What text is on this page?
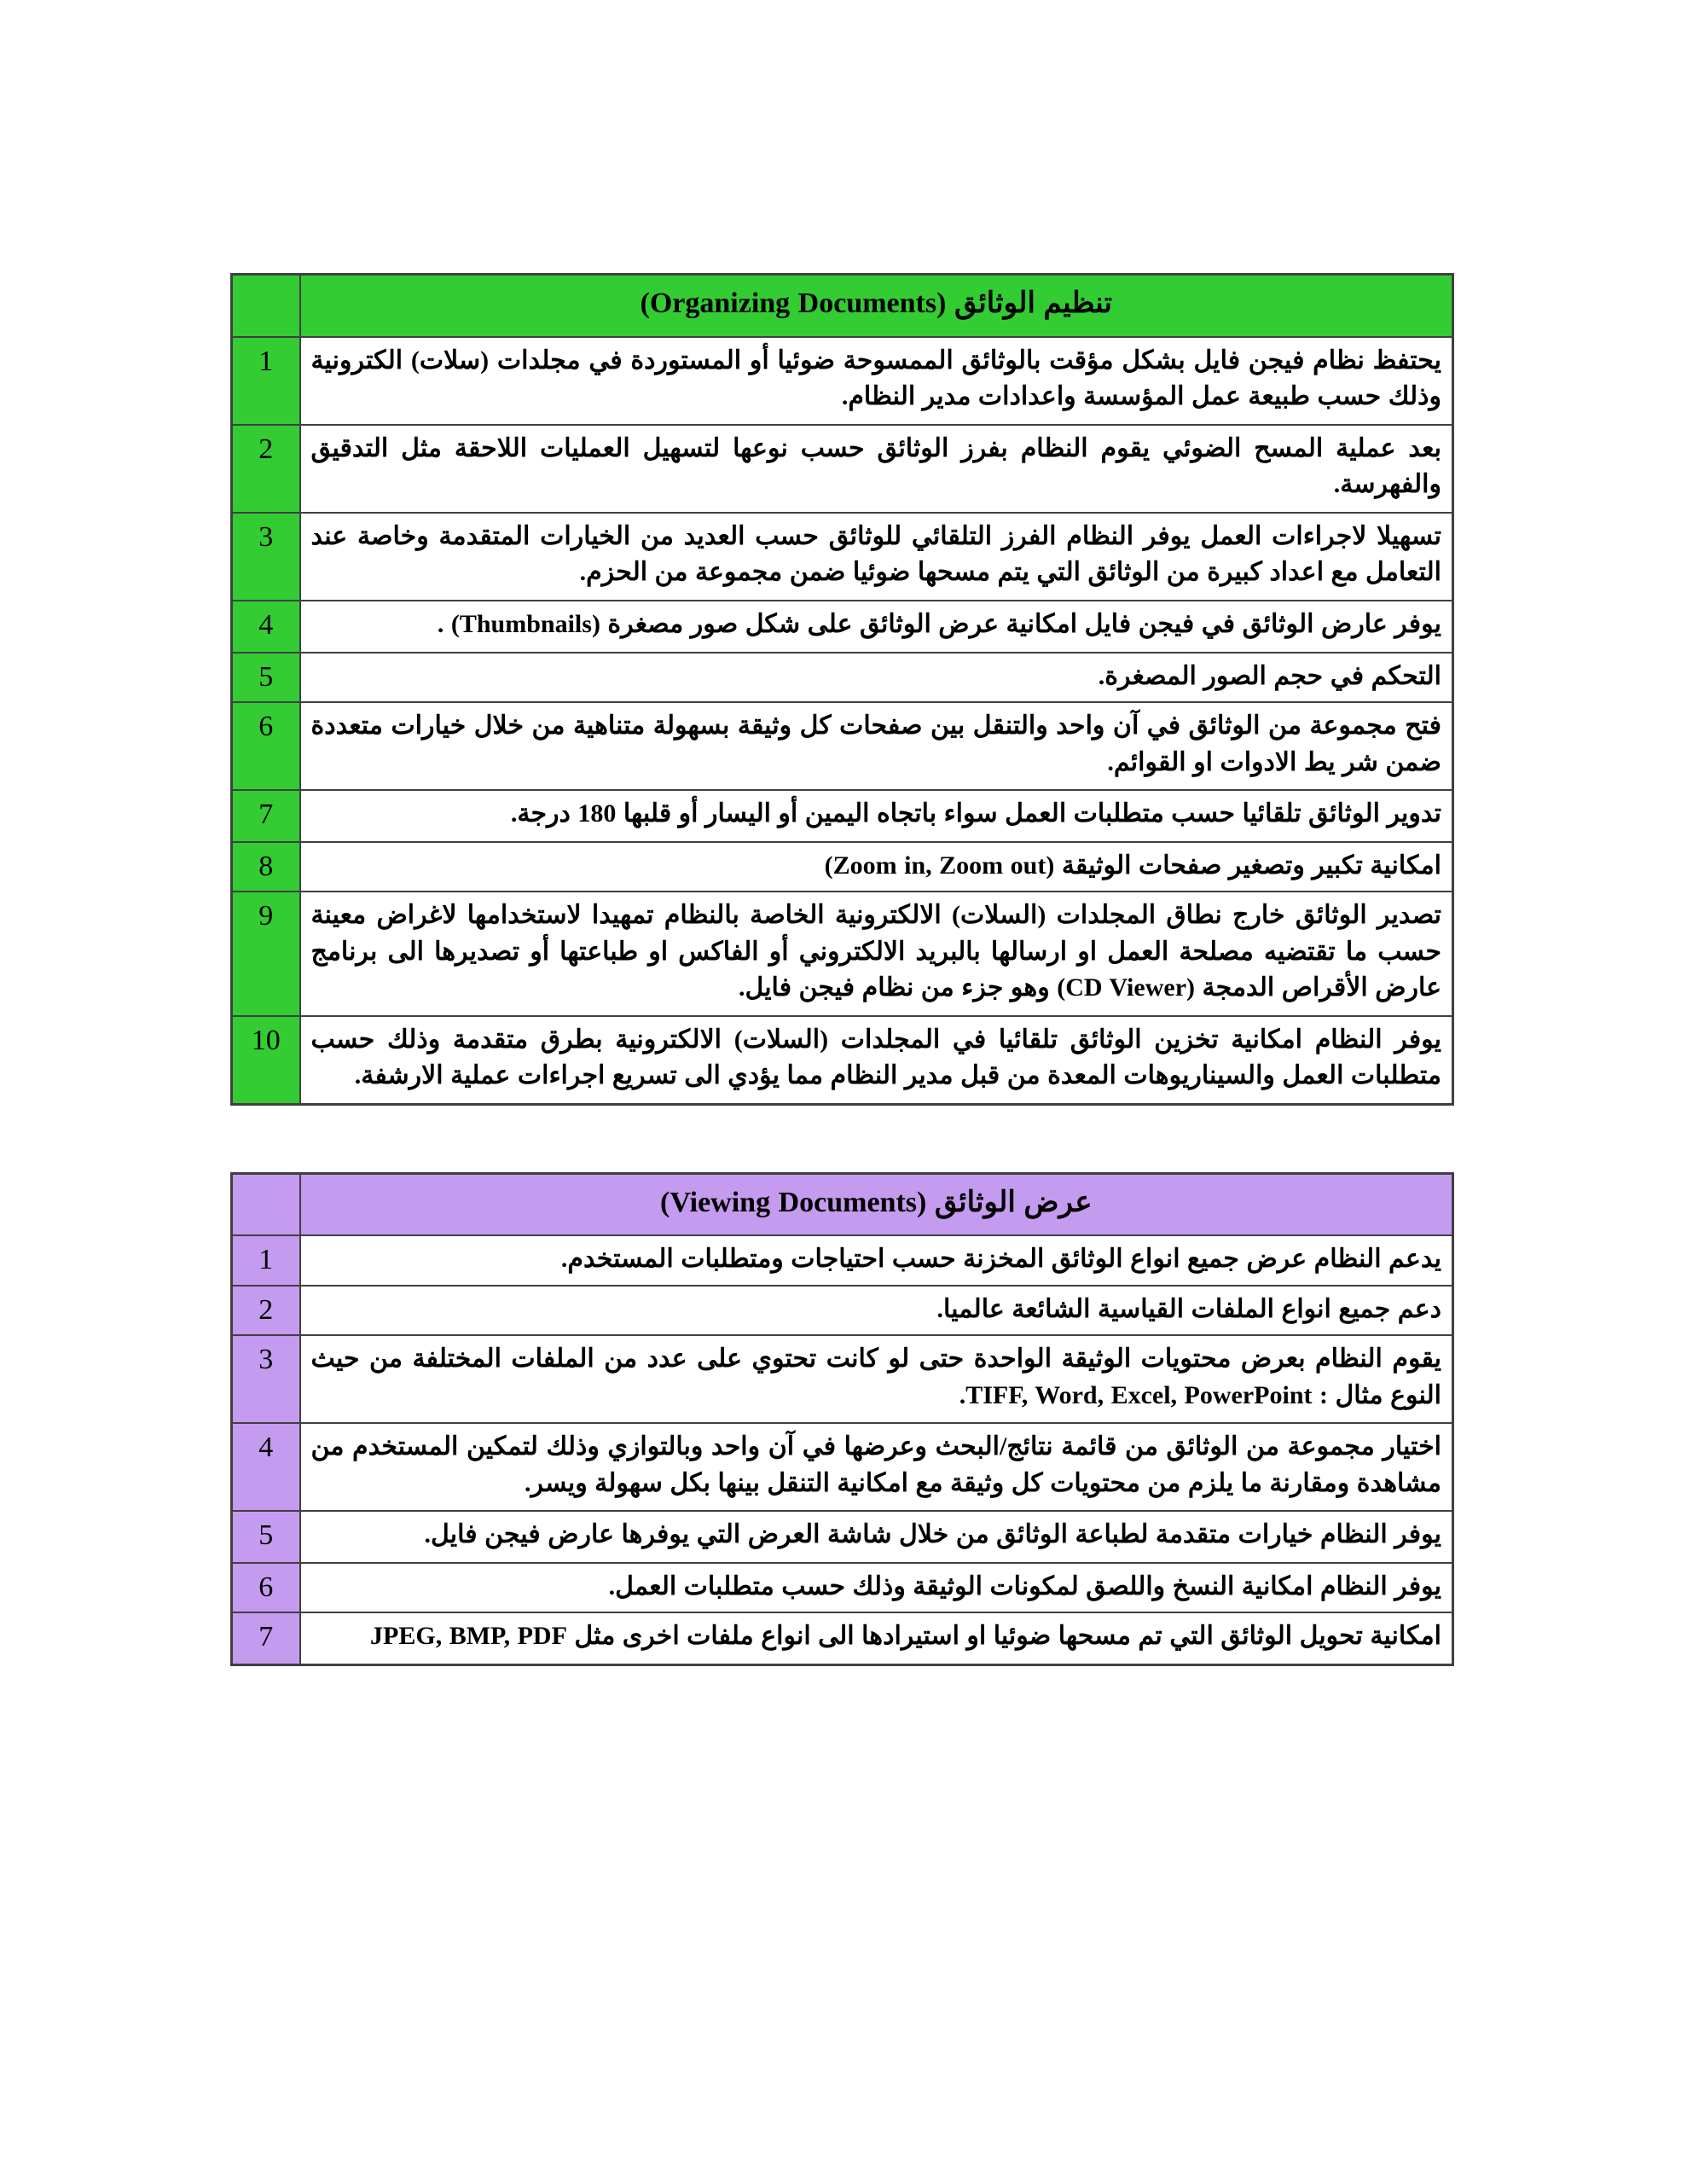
تنظيم الوثائق (Organizing Documents)	
يحتفظ نظام فيجن فايل بشكل مؤقت بالوثائق الممسوحة ضوئيا أو المستوردة في مجلدات (سلات) الكترونية وذلك حسب طبيعة عمل المؤسسة واعدادات مدير النظام.	1
بعد عملية المسح الضوئي يقوم النظام بفرز الوثائق حسب نوعها لتسهيل العمليات اللاحقة مثل التدقيق والفهرسة.	2
تسهيلا لاجراءات العمل يوفر النظام الفرز التلقائي للوثائق حسب العديد من الخيارات المتقدمة وخاصة عند التعامل مع اعداد كبيرة من الوثائق التي يتم مسحها ضوئيا ضمن مجموعة من الحزم.	3
يوفر عارض الوثائق في فيجن فايل امكانية عرض الوثائق على شكل صور مصغرة (Thumbnails) .	4
التحكم في حجم الصور المصغرة.	5
فتح مجموعة من الوثائق في آن واحد والتنقل بين صفحات كل وثيقة بسهولة متناهية من خلال خيارات متعددة ضمن شر يط الادوات او القوائم.	6
تدوير الوثائق تلقائيا حسب متطلبات العمل سواء باتجاه اليمين أو اليسار أو قلبها 180 درجة.	7
امكانية تكبير وتصغير صفحات الوثيقة (Zoom in, Zoom out)	8
تصدير الوثائق خارج نطاق المجلدات (السلات) الالكترونية الخاصة بالنظام تمهيدا لاستخدامها لاغراض معينة حسب ما تقتضيه مصلحة العمل او ارسالها بالبريد الالكتروني أو الفاكس او طباعتها أو تصديرها الى برنامج عارض الأقراص الدمجة (CD Viewer) وهو جزء من نظام فيجن فايل.	9
يوفر النظام امكانية تخزين الوثائق تلقائيا في المجلدات (السلات) الالكترونية بطرق متقدمة وذلك حسب متطلبات العمل والسيناريوهات المعدة من قبل مدير النظام مما يؤدي الى تسريع اجراءات عملية الارشفة.	10
عرض الوثائق (Viewing Documents)	
يدعم النظام عرض جميع انواع الوثائق المخزنة حسب احتياجات ومتطلبات المستخدم.	1
دعم جميع انواع الملفات القياسية الشائعة عالميا.	2
يقوم النظام بعرض محتويات الوثيقة الواحدة حتى لو كانت تحتوي على عدد من الملفات المختلفة من حيث النوع مثال : TIFF, Word, Excel, PowerPoint.	3
اختيار مجموعة من الوثائق من قائمة نتائج/البحث وعرضها في آن واحد وبالتوازي وذلك لتمكين المستخدم من مشاهدة ومقارنة ما يلزم من محتويات كل وثيقة مع امكانية التنقل بينها بكل سهولة ويسر.	4
يوفر النظام خيارات متقدمة لطباعة الوثائق من خلال شاشة العرض التي يوفرها عارض فيجن فايل.	5
يوفر النظام امكانية النسخ واللصق لمكونات الوثيقة وذلك حسب متطلبات العمل.	6
امكانية تحويل الوثائق التي تم مسحها ضوئيا او استيرادها الى انواع ملفات اخرى مثل JPEG, BMP, PDF	7
